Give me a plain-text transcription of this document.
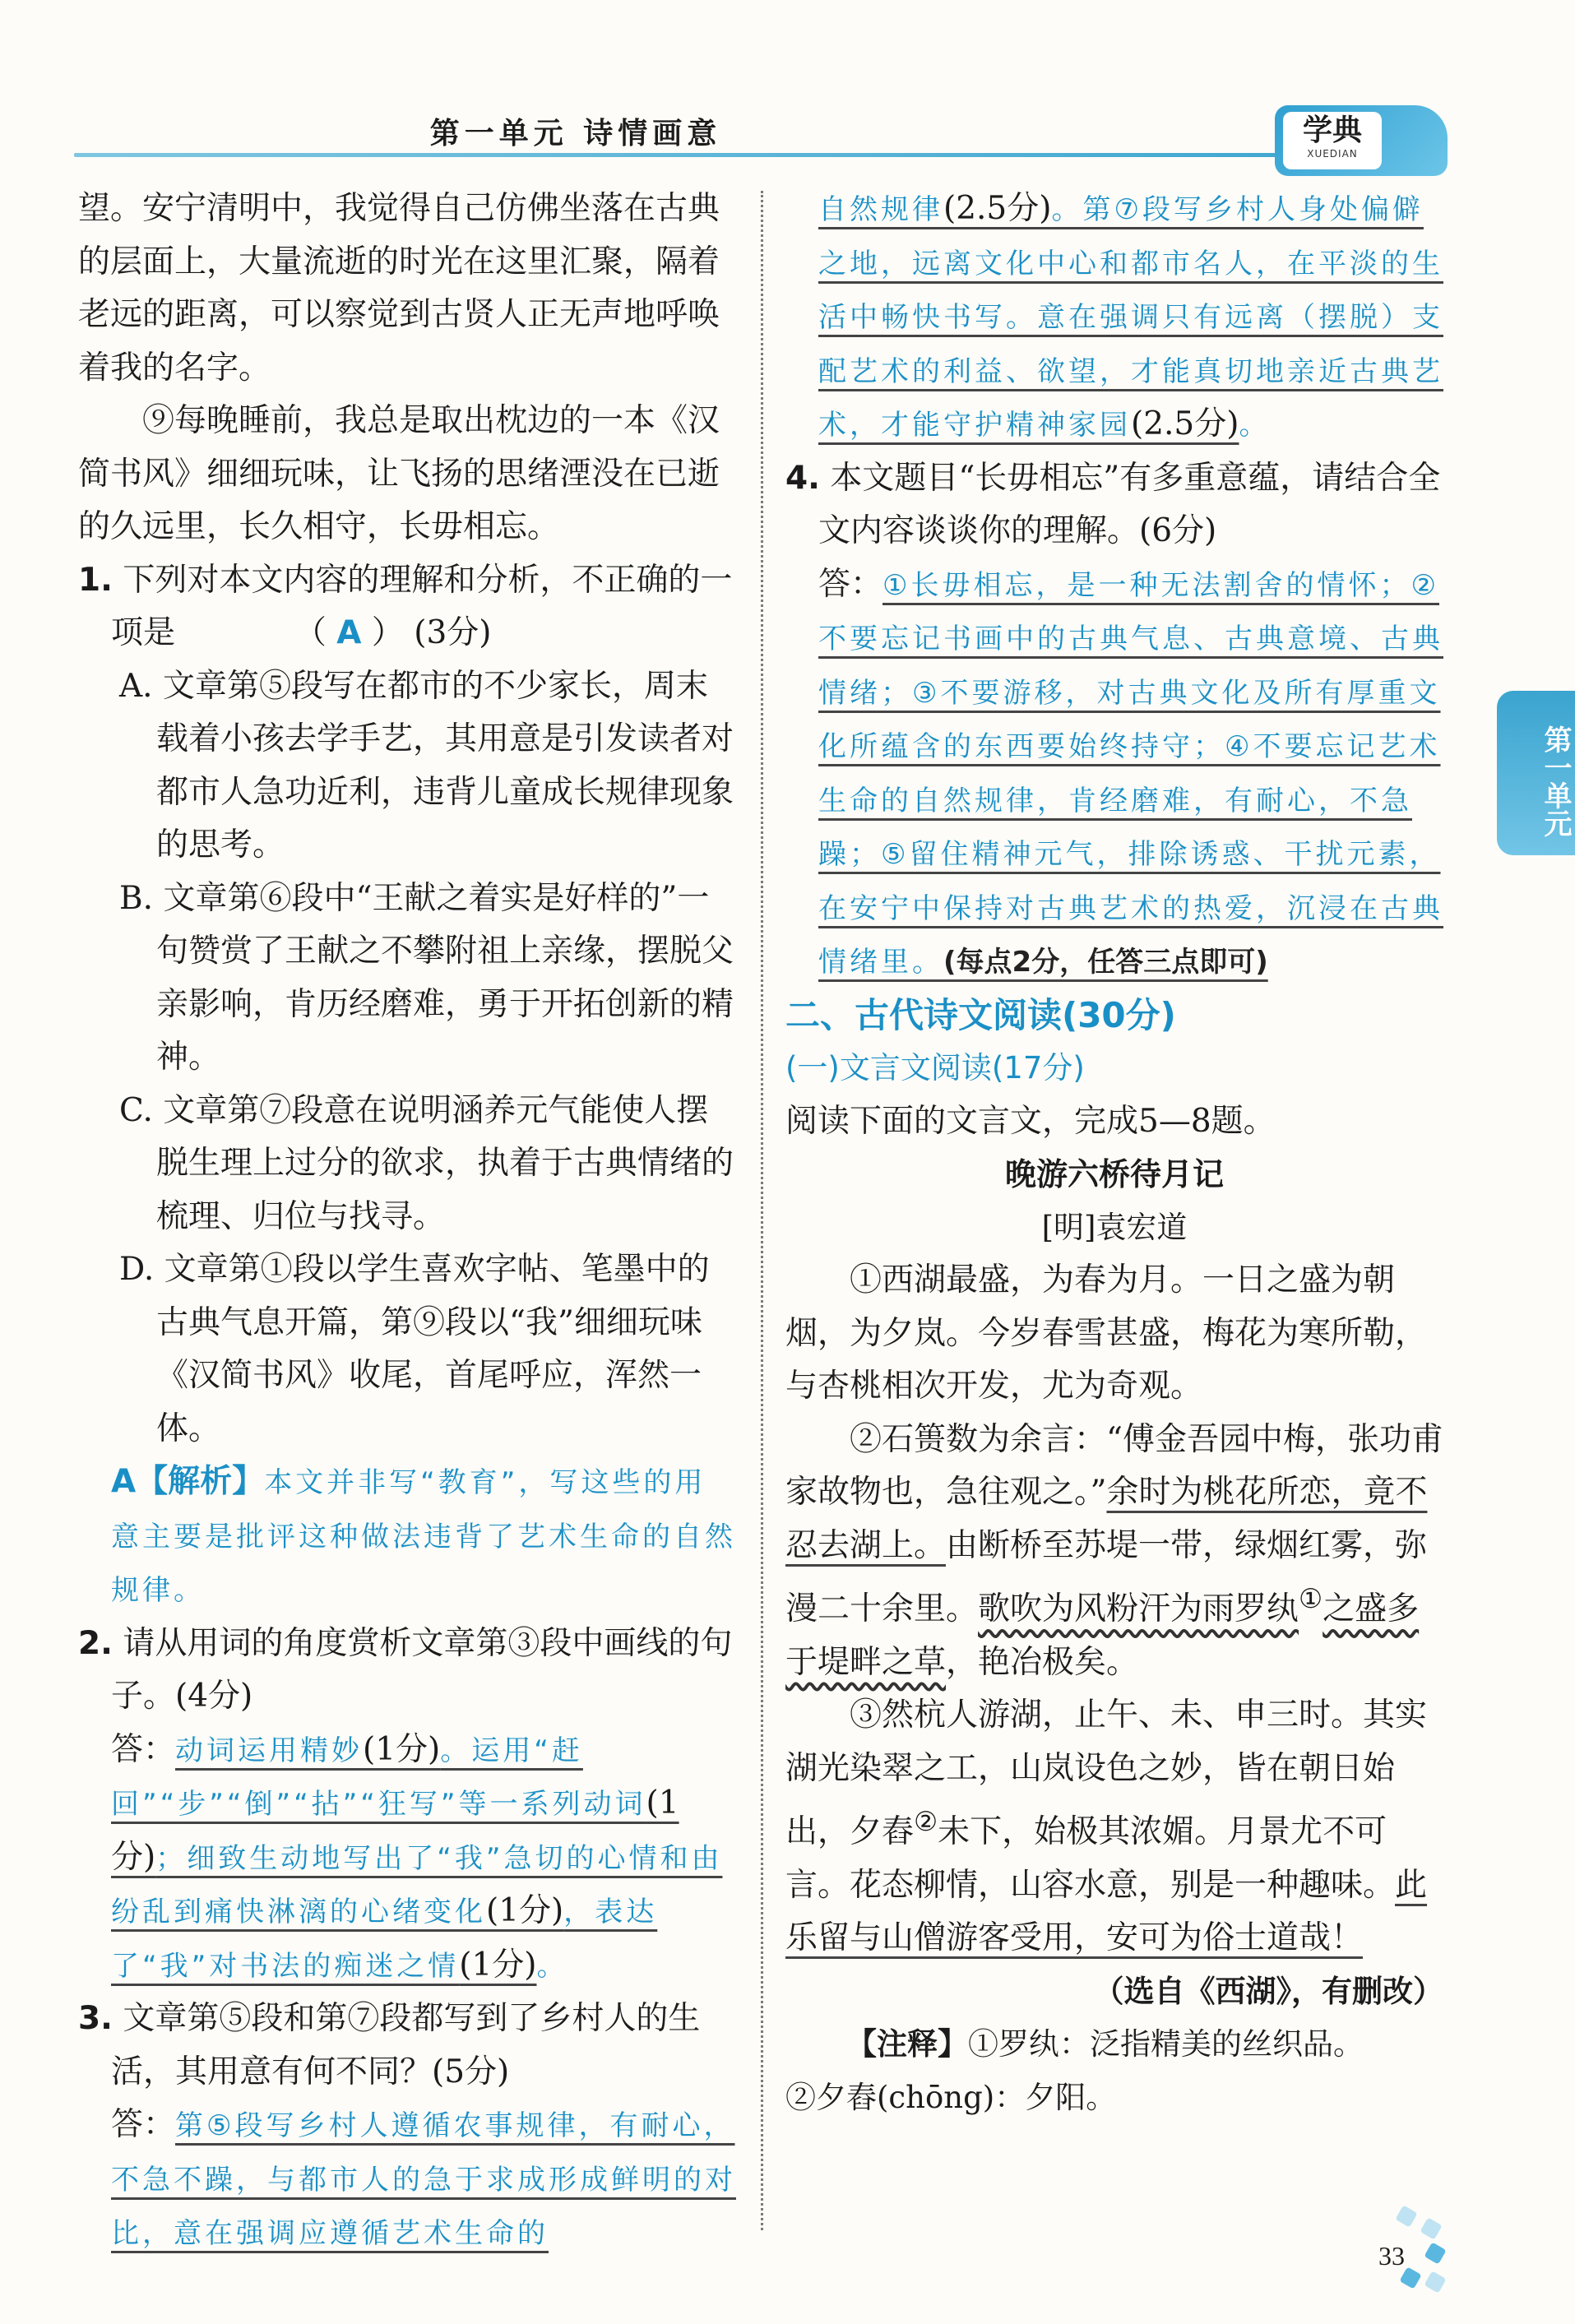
第一单元 诗情画意	学典
XUEDIAN
第一单元

望。安宁清明中，我觉得自己仿佛坐落在古典的层面上，大量流逝的时光在这里汇聚，隔着老远的距离，可以察觉到古贤人正无声地呼唤着我的名字。

⑨每晚睡前，我总是取出枕边的一本《汉简书风》细细玩味，让飞扬的思绪湮没在已逝的久远里，长久相守，长毋相忘。

1. 下列对本文内容的理解和分析，不正确的一项是	（ A ） (3分)

A. 文章第⑤段写在都市的不少家长，周末载着小孩去学手艺，其用意是引发读者对都市人急功近利，违背儿童成长规律现象的思考。

B. 文章第⑥段中“王献之着实是好样的”一句赞赏了王献之不攀附祖上亲缘，摆脱父亲影响，肯历经磨难，勇于开拓创新的精神。

C. 文章第⑦段意在说明涵养元气能使人摆脱生理上过分的欲求，执着于古典情绪的梳理、归位与找寻。

D. 文章第①段以学生喜欢字帖、笔墨中的古典气息开篇，第⑨段以“我”细细玩味《汉简书风》收尾，首尾呼应，浑然一体。

A【解析】本文并非写“教育”，写这些的用意主要是批评这种做法违背了艺术生命的自然规律。

2. 请从用词的角度赏析文章第③段中画线的句子。(4分)

答：动词运用精妙(1分)。运用“赶回”“步”“倒”“拈”“狂写”等一系列动词(1分)；细致生动地写出了“我”急切的心情和由纷乱到痛快淋漓的心绪变化(1分)，表达了“我”对书法的痴迷之情(1分)。

3. 文章第⑤段和第⑦段都写到了乡村人的生活，其用意有何不同？(5分)

答：第⑤段写乡村人遵循农事规律，有耐心，不急不躁，与都市人的急于求成形成鲜明的对比，意在强调应遵循艺术生命的

自然规律(2.5分)。第⑦段写乡村人身处偏僻之地，远离文化中心和都市名人，在平淡的生活中畅快书写。意在强调只有远离（摆脱）支配艺术的利益、欲望，才能真切地亲近古典艺术，才能守护精神家园(2.5分)。

4. 本文题目“长毋相忘”有多重意蕴，请结合全文内容谈谈你的理解。(6分)

答：①长毋相忘，是一种无法割舍的情怀；②不要忘记书画中的古典气息、古典意境、古典情绪；③不要游移，对古典文化及所有厚重文化所蕴含的东西要始终持守；④不要忘记艺术生命的自然规律，肯经磨难，有耐心，不急躁；⑤留住精神元气，排除诱惑、干扰元素，在安宁中保持对古典艺术的热爱，沉浸在古典情绪里。(每点2分，任答三点即可)

二、古代诗文阅读(30分)

(一)文言文阅读(17分)

阅读下面的文言文，完成5—8题。

晚游六桥待月记

[明]袁宏道

①西湖最盛，为春为月。一日之盛为朝烟，为夕岚。今岁春雪甚盛，梅花为寒所勒，与杏桃相次开发，尤为奇观。

②石篑数为余言：“傅金吾园中梅，张功甫家故物也，急往观之。”余时为桃花所恋，竟不忍去湖上。由断桥至苏堤一带，绿烟红雾，弥漫二十余里。歌吹为风粉汗为雨罗纨①之盛多于堤畔之草，艳冶极矣。

③然杭人游湖，止午、未、申三时。其实湖光染翠之工，山岚设色之妙，皆在朝日始出，夕舂②未下，始极其浓媚。月景尤不可言。花态柳情，山容水意，别是一种趣味。此乐留与山僧游客受用，安可为俗士道哉！

（选自《西湖》，有删改）

【注释】①罗纨：泛指精美的丝织品。

②夕舂(chōng)：夕阳。

33
